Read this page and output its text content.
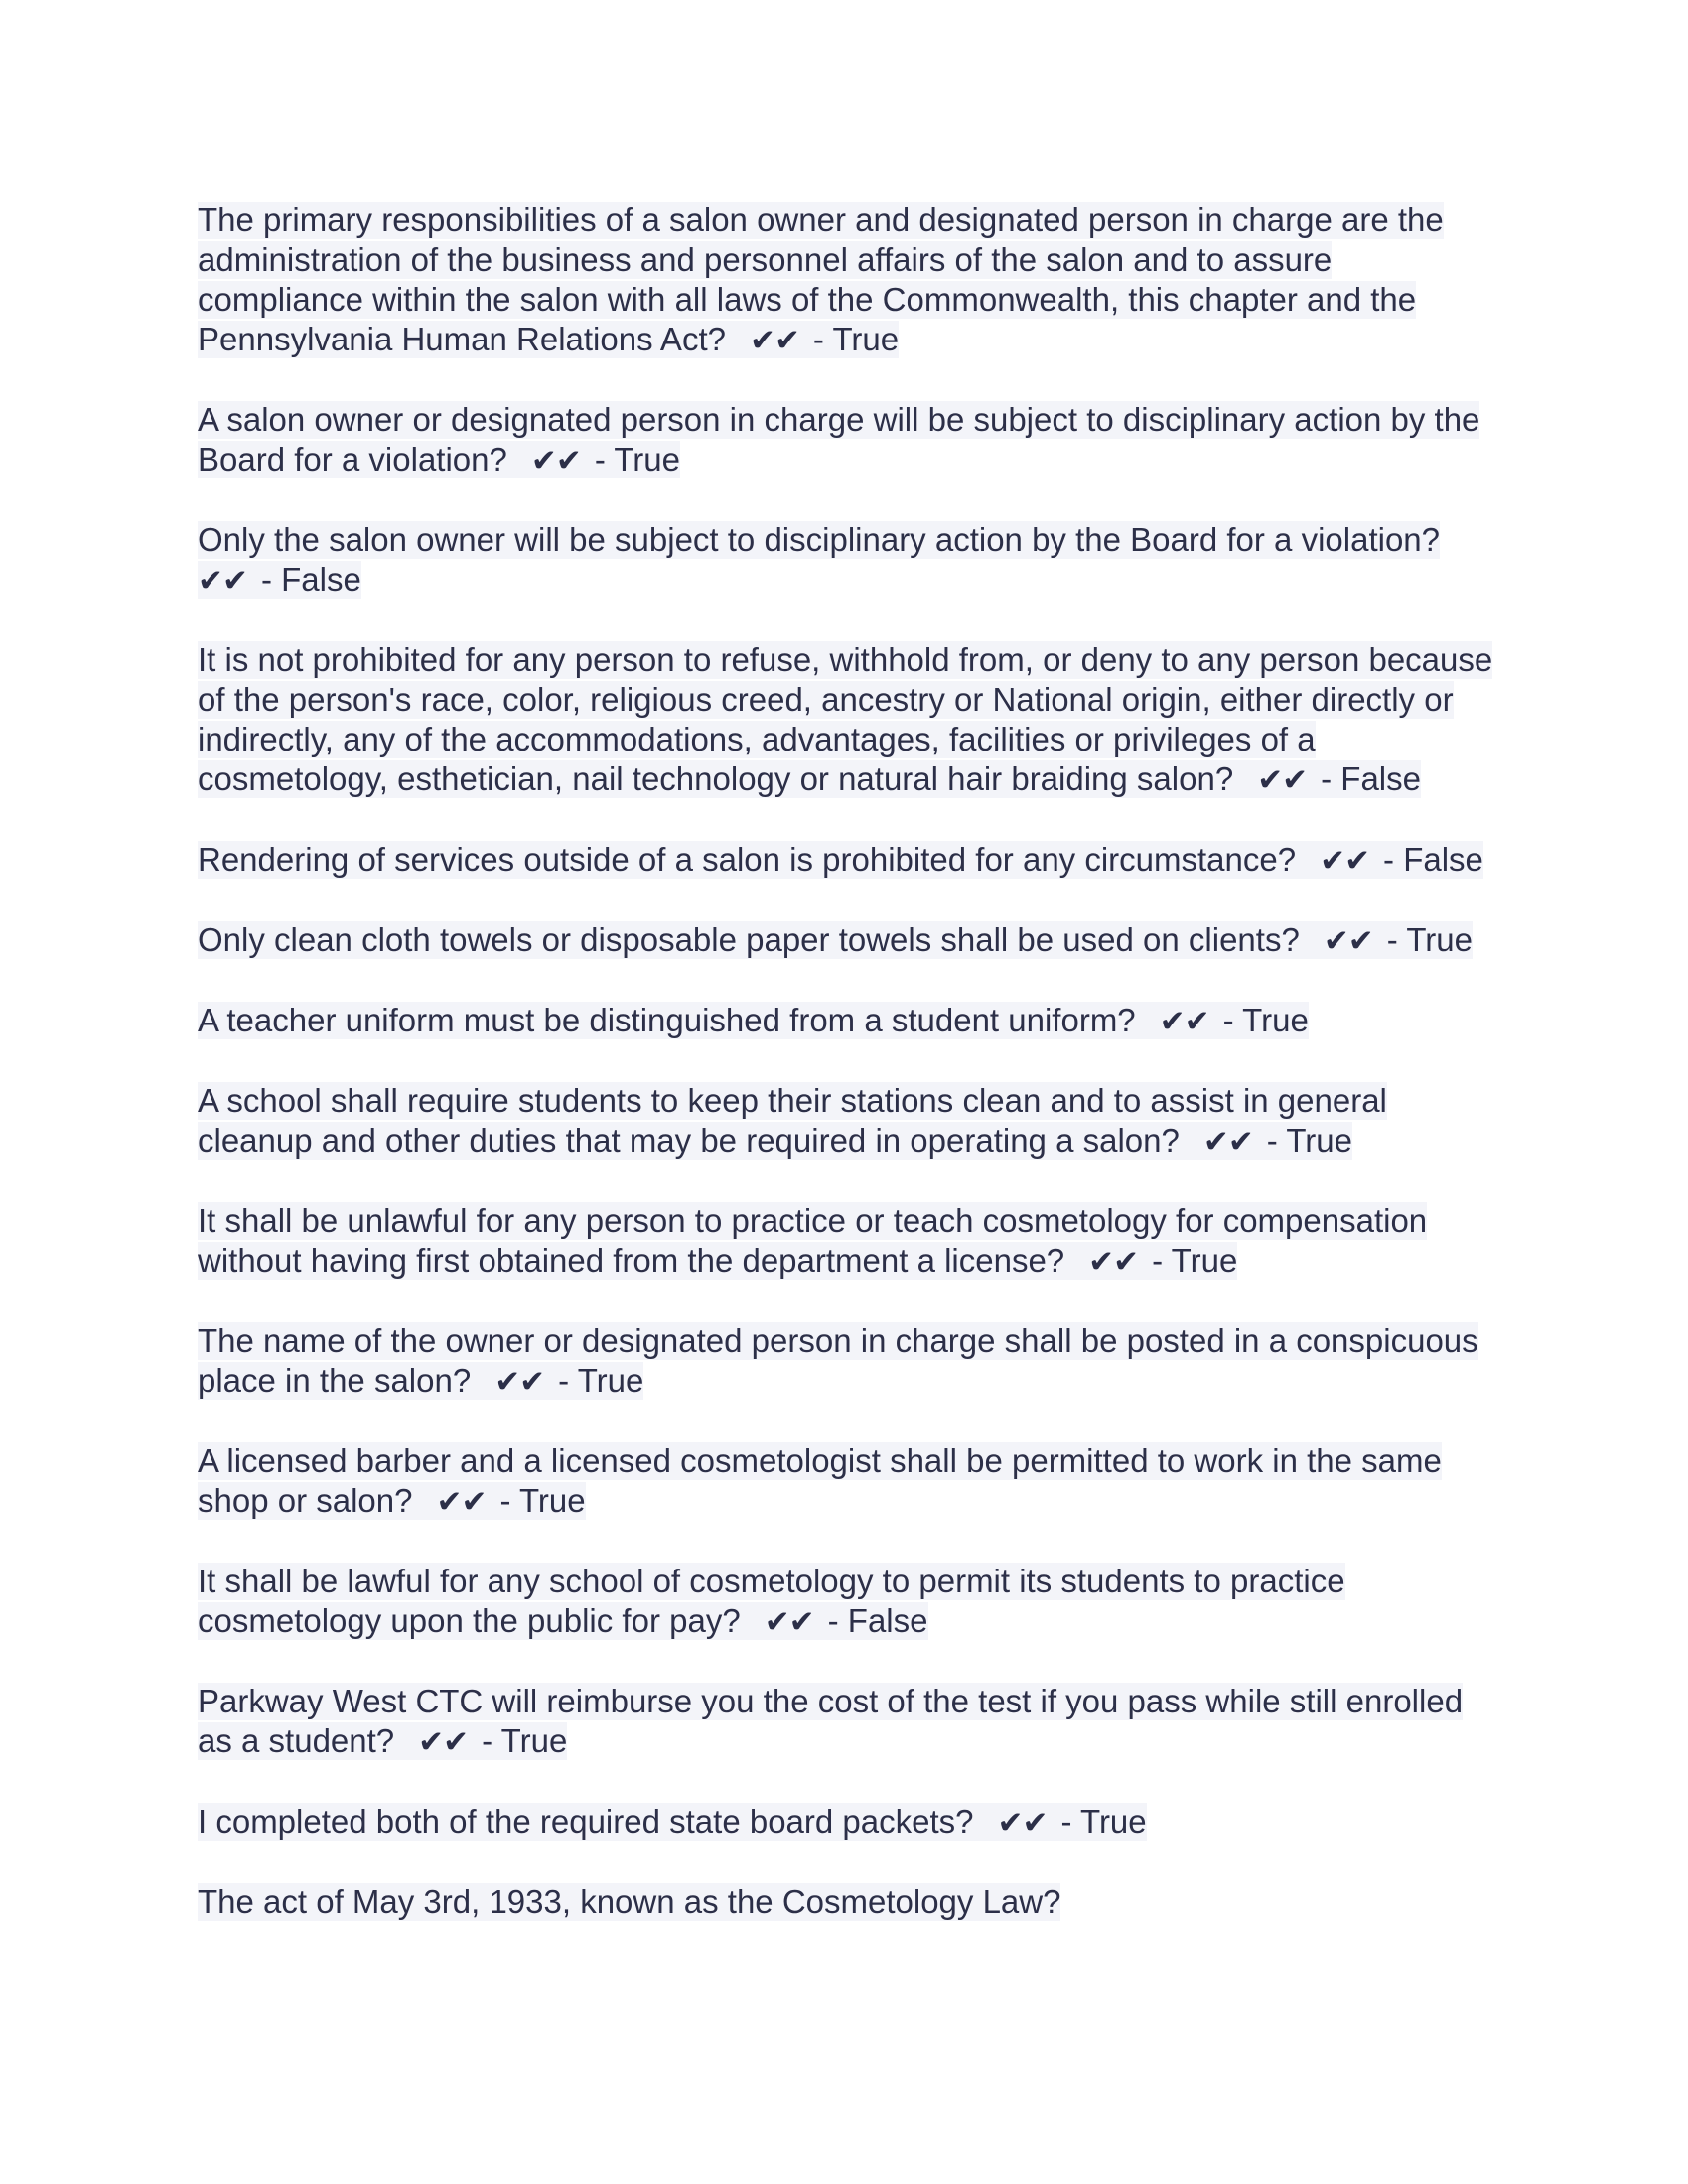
The primary responsibilities of a salon owner and designated person in charge are the administration of the business and personnel affairs of the salon and to assure compliance within the salon with all laws of the Commonwealth, this chapter and the Pennsylvania Human Relations Act? ✔✔ - True

A salon owner or designated person in charge will be subject to disciplinary action by the Board for a violation? ✔✔ - True

Only the salon owner will be subject to disciplinary action by the Board for a violation?
✔✔ - False

It is not prohibited for any person to refuse, withhold from, or deny to any person because of the person's race, color, religious creed, ancestry or National origin, either directly or indirectly, any of the accommodations, advantages, facilities or privileges of a cosmetology, esthetician, nail technology or natural hair braiding salon? ✔✔ - False

Rendering of services outside of a salon is prohibited for any circumstance? ✔✔ - False

Only clean cloth towels or disposable paper towels shall be used on clients? ✔✔ - True

A teacher uniform must be distinguished from a student uniform? ✔✔ - True

A school shall require students to keep their stations clean and to assist in general cleanup and other duties that may be required in operating a salon? ✔✔ - True

It shall be unlawful for any person to practice or teach cosmetology for compensation without having first obtained from the department a license? ✔✔ - True

The name of the owner or designated person in charge shall be posted in a conspicuous place in the salon? ✔✔ - True

A licensed barber and a licensed cosmetologist shall be permitted to work in the same shop or salon? ✔✔ - True

It shall be lawful for any school of cosmetology to permit its students to practice cosmetology upon the public for pay? ✔✔ - False

Parkway West CTC will reimburse you the cost of the test if you pass while still enrolled as a student? ✔✔ - True

I completed both of the required state board packets? ✔✔ - True

The act of May 3rd, 1933, known as the Cosmetology Law?
